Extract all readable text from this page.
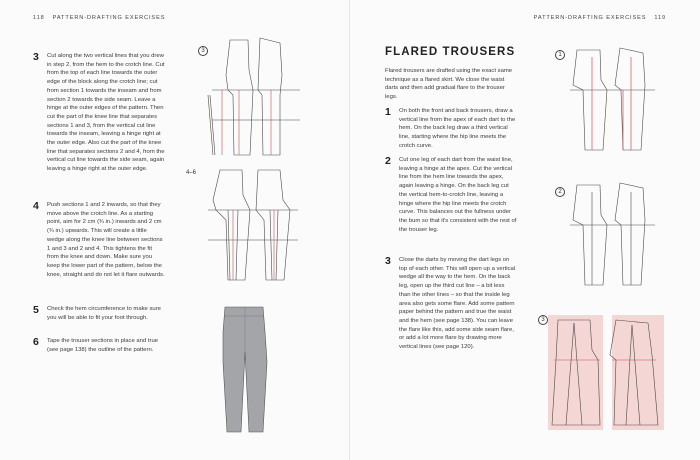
118 PATTERN-DRAFTING EXERCISES
3	Cut along the two vertical lines that you drew in step 2, from the hem to the crotch line. Cut from the top of each line towards the outer edge of the block along the crotch line; cut from section 1 towards the inseam and from section 2 towards the side seam. Leave a hinge at the outer edges of the pattern. Then cut the part of the knee line that separates sections 1 and 3, from the vertical cut line towards the inseam, leaving a hinge right at the outer edge. Also cut the part of the knee line that separates sections 2 and 4, from the vertical cut line towards the side seam, again leaving a hinge right at the outer edge.
4	Push sections 1 and 2 inwards, so that they move above the crotch line. As a starting point, aim for 2 cm (¾ in.) inwards and 2 cm (¾ in.) upwards. This will create a little wedge along the knee line between sections 1 and 3 and 2 and 4. This tightens the fit from the knee and down. Make sure you keep the lower part of the pattern, below the knee, straight and do not let it flare outwards.
5	Check the hem circumference to make sure you will be able to fit your foot through.
6	Tape the trouser sections in place and true (see page 138) the outline of the pattern.
3
4–6
PATTERN-DRAFTING EXERCISES 119
FLARED TROUSERS
Flared trousers are drafted using the exact same technique as a flared skirt. We close the waist darts and then add gradual flare to the trouser legs.
1	On both the front and back trousers, draw a vertical line from the apex of each dart to the hem. On the back leg draw a third vertical line, starting where the hip line meets the crotch curve.
2	Cut one leg of each dart from the waist line, leaving a hinge at the apex. Cut the vertical line from the hem line towards the apex, again leaving a hinge. On the back leg cut the vertical hem-to-crotch line, leaving a hinge where the hip line meets the crotch curve. This balances out the fullness under the bum so that it's consistent with the rest of the trouser leg.
3	Close the darts by moving the dart legs on top of each other. This will open up a vertical wedge all the way to the hem. On the back leg, open up the third cut line – a bit less than the other lines – so that the inside leg area also gets some flare. Add some pattern paper behind the pattern and true the waist and the hem (see page 138). You can leave the flare like this, add some side seam flare, or add a lot more flare by drawing more vertical lines (see page 120).
1
2
3
